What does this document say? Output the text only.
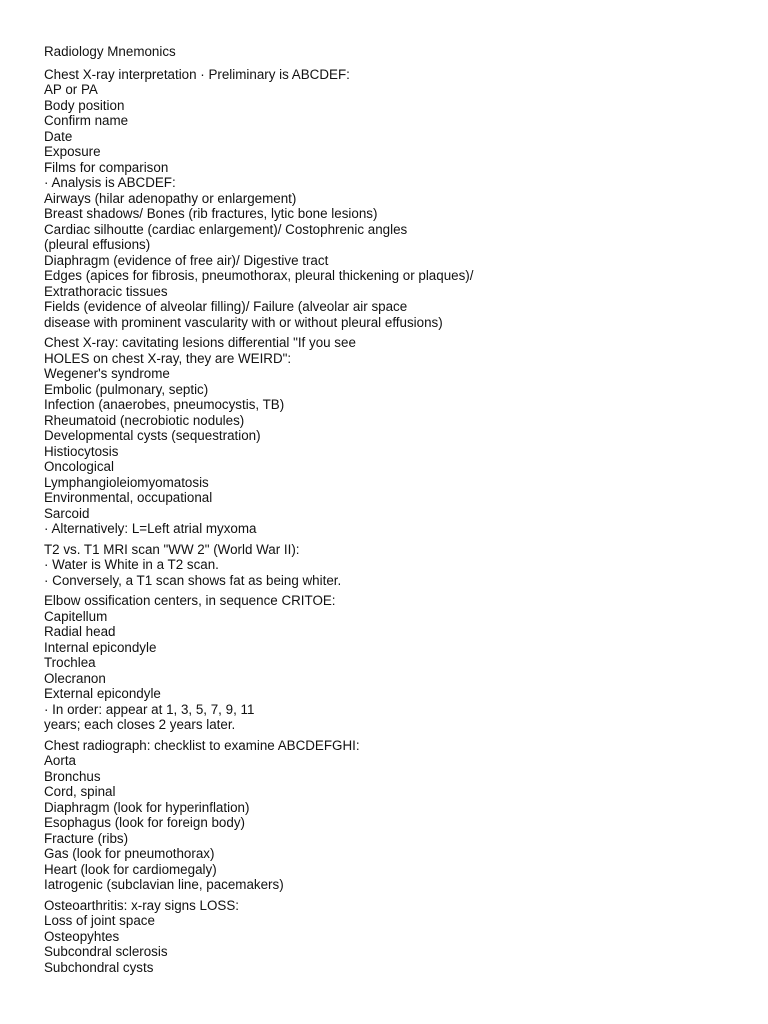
Radiology Mnemonics
Chest X-ray interpretation · Preliminary is ABCDEF:
AP or PA
Body position
Confirm name
Date
Exposure
Films for comparison
· Analysis is ABCDEF:
Airways (hilar adenopathy or enlargement)
Breast shadows/ Bones (rib fractures, lytic bone lesions)
Cardiac silhoutte (cardiac enlargement)/ Costophrenic angles
(pleural effusions)
Diaphragm (evidence of free air)/ Digestive tract
Edges (apices for fibrosis, pneumothorax, pleural thickening or plaques)/
Extrathoracic tissues
Fields (evidence of alveolar filling)/ Failure (alveolar air space
disease with prominent vascularity with or without pleural effusions)
Chest X-ray: cavitating lesions differential "If you see
HOLES on chest X-ray, they are WEIRD":
Wegener's syndrome
Embolic (pulmonary, septic)
Infection (anaerobes, pneumocystis, TB)
Rheumatoid (necrobiotic nodules)
Developmental cysts (sequestration)
Histiocytosis
Oncological
Lymphangioleiomyomatosis
Environmental, occupational
Sarcoid
· Alternatively: L=Left atrial myxoma
T2 vs. T1 MRI scan "WW 2" (World War II):
· Water is White in a T2 scan.
· Conversely, a T1 scan shows fat as being whiter.
Elbow ossification centers, in sequence CRITOE:
Capitellum
Radial head
Internal epicondyle
Trochlea
Olecranon
External epicondyle
· In order: appear at 1, 3, 5, 7, 9, 11
years; each closes 2 years later.
Chest radiograph: checklist to examine ABCDEFGHI:
Aorta
Bronchus
Cord, spinal
Diaphragm (look for hyperinflation)
Esophagus (look for foreign body)
Fracture (ribs)
Gas (look for pneumothorax)
Heart (look for cardiomegaly)
Iatrogenic (subclavian line, pacemakers)
Osteoarthritis: x-ray signs LOSS:
Loss of joint space
Osteopyhtes
Subcondral sclerosis
Subchondral cysts
